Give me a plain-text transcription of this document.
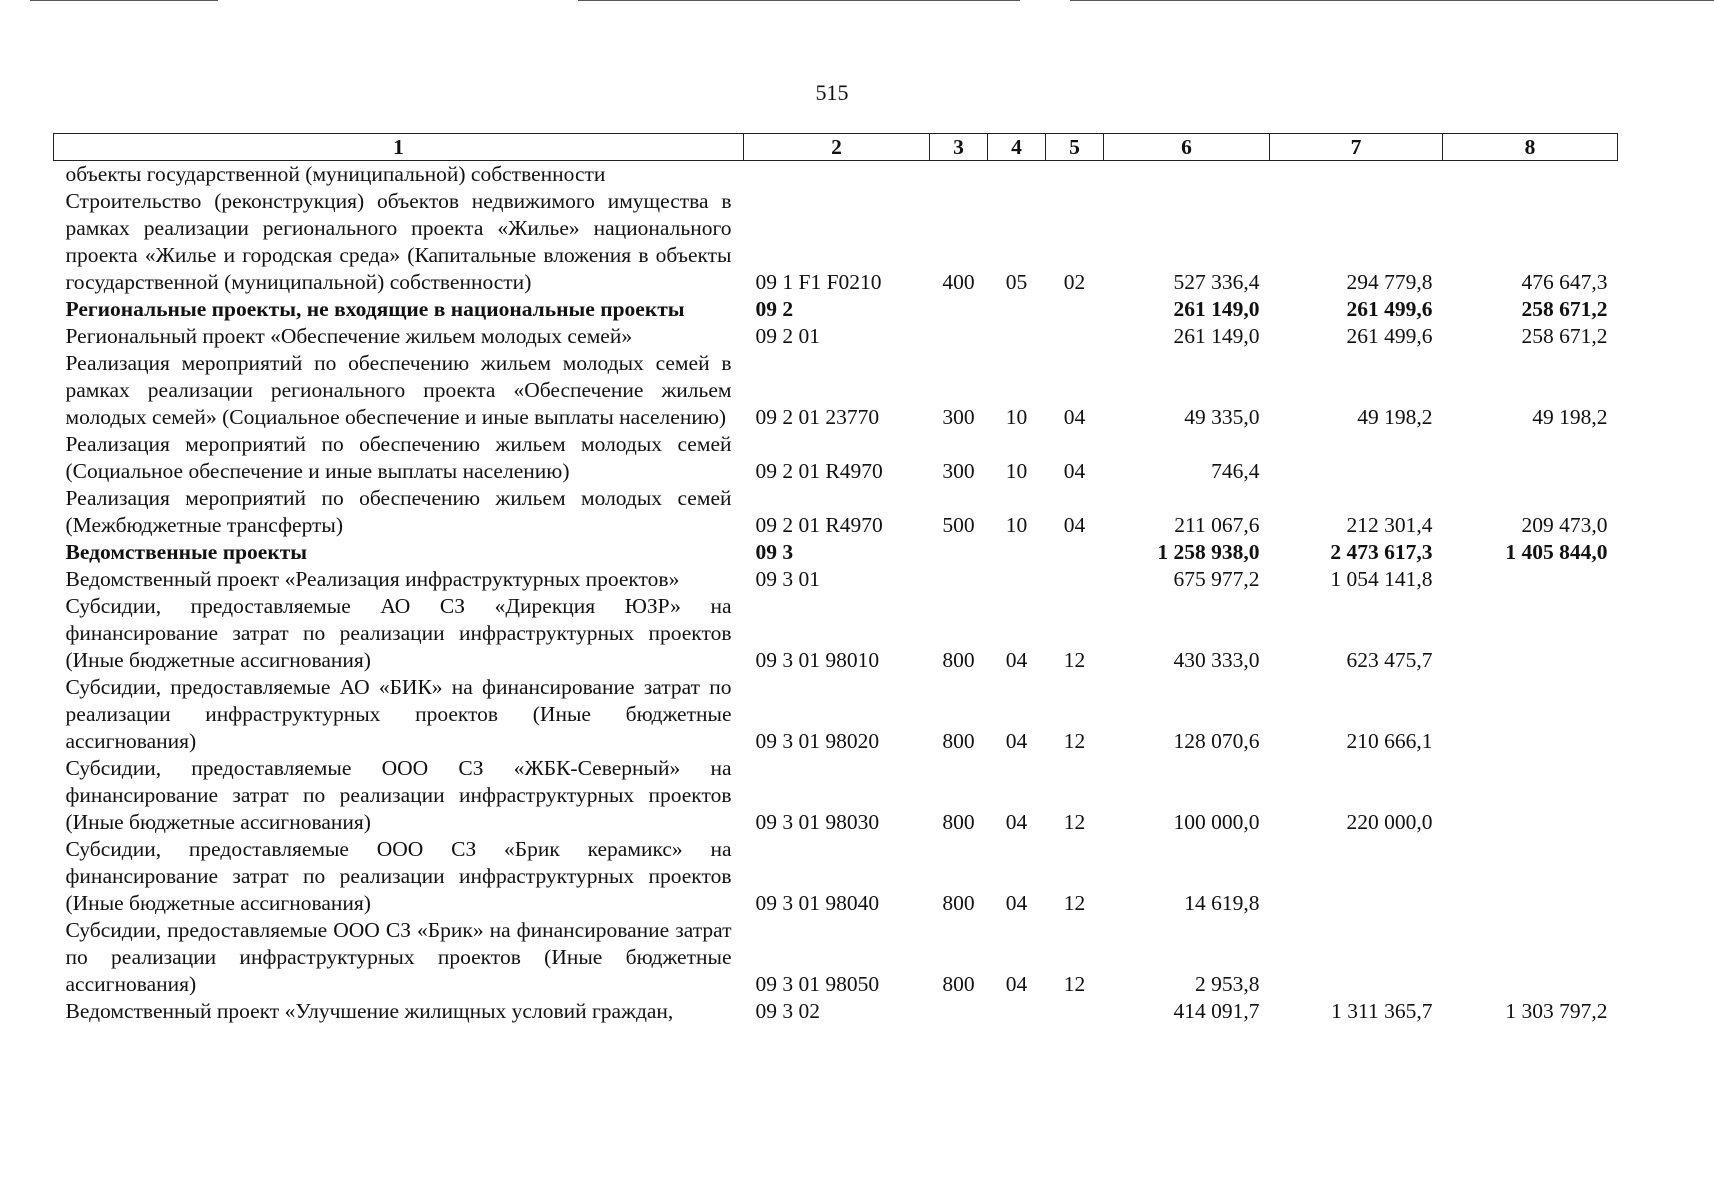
515
1	2	3	4	5	6	7	8
объекты государственной (муниципальной) собственности							
Строительство (реконструкция) объектов недвижимого имущества в рамках реализации регионального проекта «Жилье» национального проекта «Жилье и городская среда» (Капитальные вложения в объекты государственной (муниципальной) собственности)	09 1 F1 F0210	400	05	02	527 336,4	294 779,8	476 647,3
Региональные проекты, не входящие в национальные проекты	09 2				261 149,0	261 499,6	258 671,2
Региональный проект «Обеспечение жильем молодых семей»	09 2 01				261 149,0	261 499,6	258 671,2
Реализация мероприятий по обеспечению жильем молодых семей в рамках реализации регионального проекта «Обеспечение жильем молодых семей» (Социальное обеспечение и иные выплаты населению)	09 2 01 23770	300	10	04	49 335,0	49 198,2	49 198,2
Реализация мероприятий по обеспечению жильем молодых семей (Социальное обеспечение и иные выплаты населению)	09 2 01 R4970	300	10	04	746,4		
Реализация мероприятий по обеспечению жильем молодых семей (Межбюджетные трансферты)	09 2 01 R4970	500	10	04	211 067,6	212 301,4	209 473,0
Ведомственные проекты	09 3				1 258 938,0	2 473 617,3	1 405 844,0
Ведомственный проект «Реализация инфраструктурных проектов»	09 3 01				675 977,2	1 054 141,8	
Субсидии, предоставляемые АО СЗ «Дирекция ЮЗР» на финансирование затрат по реализации инфраструктурных проектов (Иные бюджетные ассигнования)	09 3 01 98010	800	04	12	430 333,0	623 475,7	
Субсидии, предоставляемые АО «БИК» на финансирование затрат по реализации инфраструктурных проектов (Иные бюджетные ассигнования)	09 3 01 98020	800	04	12	128 070,6	210 666,1	
Субсидии, предоставляемые ООО СЗ «ЖБК-Северный» на финансирование затрат по реализации инфраструктурных проектов (Иные бюджетные ассигнования)	09 3 01 98030	800	04	12	100 000,0	220 000,0	
Субсидии, предоставляемые ООО СЗ «Брик керамикс» на финансирование затрат по реализации инфраструктурных проектов (Иные бюджетные ассигнования)	09 3 01 98040	800	04	12	14 619,8		
Субсидии, предоставляемые ООО СЗ «Брик» на финансирование затрат по реализации инфраструктурных проектов (Иные бюджетные ассигнования)	09 3 01 98050	800	04	12	2 953,8		
Ведомственный проект «Улучшение жилищных условий граждан,	09 3 02				414 091,7	1 311 365,7	1 303 797,2
